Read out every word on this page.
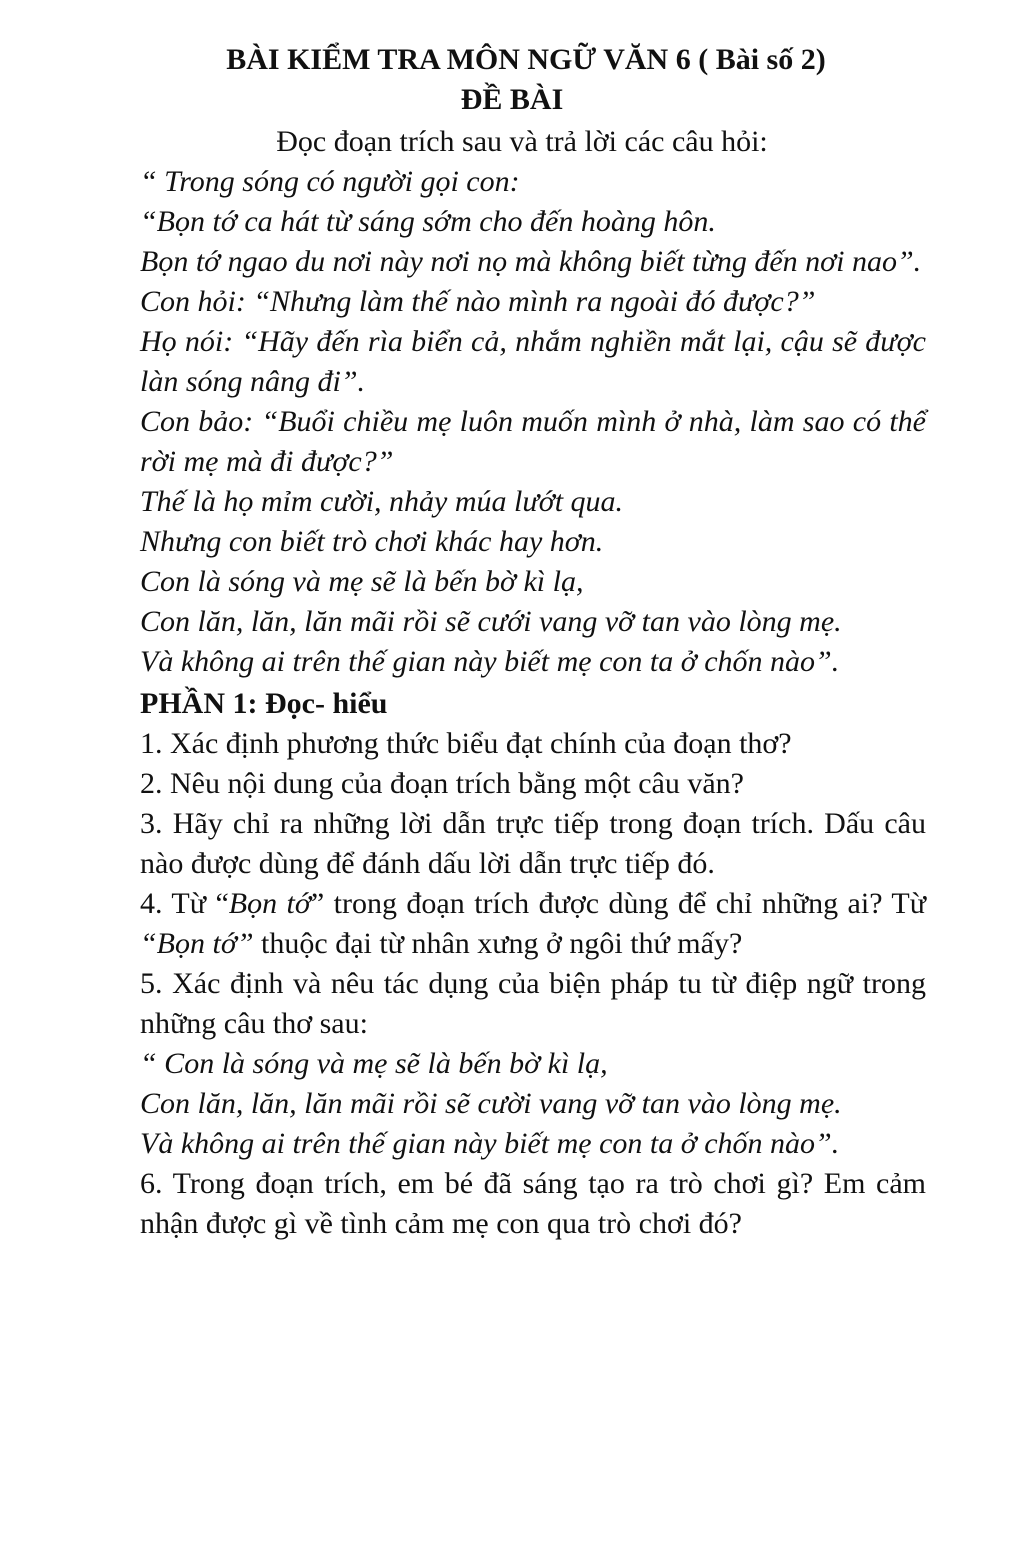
BÀI KIỂM TRA MÔN NGỮ VĂN 6 ( Bài số 2)
ĐỀ BÀI
Đọc đoạn trích sau và trả lời các câu hỏi:
“ Trong sóng có người gọi con:
“Bọn tớ ca hát từ sáng sớm cho đến hoàng hôn.
Bọn tớ ngao du nơi này nơi nọ mà không biết từng đến nơi nao”.
Con hỏi: “Nhưng làm thế nào mình ra ngoài đó được?”
Họ nói: “Hãy đến rìa biển cả, nhắm nghiền mắt lại, cậu sẽ được làn sóng nâng đi”.
Con bảo: “Buổi chiều mẹ luôn muốn mình ở nhà, làm sao có thể rời mẹ mà đi được?”
Thế là họ mỉm cười, nhảy múa lướt qua.
Nhưng con biết trò chơi khác hay hơn.
Con là sóng và mẹ sẽ là bến bờ kì lạ,
Con lăn, lăn, lăn mãi rồi sẽ cưới vang vỡ tan vào lòng mẹ.
Và không ai trên thế gian này biết mẹ con ta ở chốn nào”.
PHẦN 1: Đọc- hiểu
1. Xác định phương thức biểu đạt chính của đoạn thơ?
2. Nêu nội dung của đoạn trích bằng một câu văn?
3. Hãy chỉ ra những lời dẫn trực tiếp trong đoạn trích. Dấu câu nào được dùng để đánh dấu lời dẫn trực tiếp đó.
4. Từ “Bọn tớ” trong đoạn trích được dùng để chỉ những ai? Từ “Bọn tớ” thuộc đại từ nhân xưng ở ngôi thứ mấy?
5. Xác định và nêu tác dụng của biện pháp tu từ điệp ngữ trong những câu thơ sau:
“ Con là sóng và mẹ sẽ là bến bờ kì lạ,
Con lăn, lăn, lăn mãi rồi sẽ cười vang vỡ tan vào lòng mẹ.
Và không ai trên thế gian này biết mẹ con ta ở chốn nào”.
6. Trong đoạn trích, em bé đã sáng tạo ra trò chơi gì? Em cảm nhận được gì về tình cảm mẹ con qua trò chơi đó?
